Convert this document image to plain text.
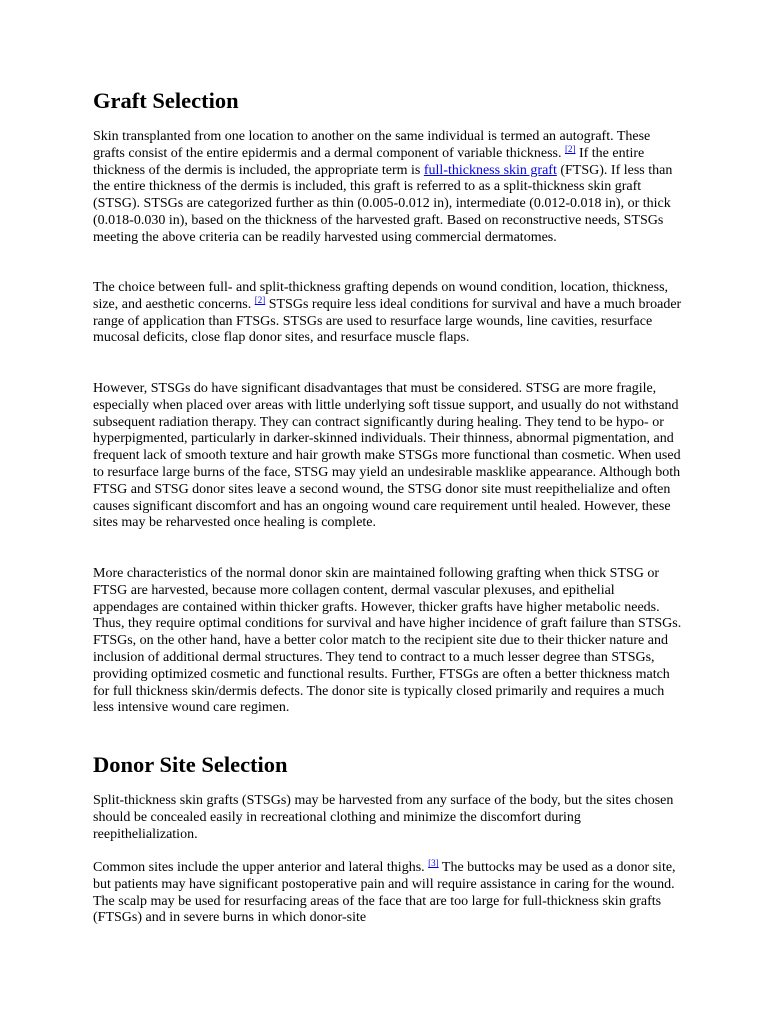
Graft Selection

Skin transplanted from one location to another on the same individual is termed an autograft. These grafts consist of the entire epidermis and a dermal component of variable thickness. [2] If the entire thickness of the dermis is included, the appropriate term is full-thickness skin graft (FTSG). If less than the entire thickness of the dermis is included, this graft is referred to as a split-thickness skin graft (STSG). STSGs are categorized further as thin (0.005-0.012 in), intermediate (0.012-0.018 in), or thick (0.018-0.030 in), based on the thickness of the harvested graft. Based on reconstructive needs, STSGs meeting the above criteria can be readily harvested using commercial dermatomes.

The choice between full- and split-thickness grafting depends on wound condition, location, thickness, size, and aesthetic concerns. [2] STSGs require less ideal conditions for survival and have a much broader range of application than FTSGs. STSGs are used to resurface large wounds, line cavities, resurface mucosal deficits, close flap donor sites, and resurface muscle flaps.

However, STSGs do have significant disadvantages that must be considered. STSG are more fragile, especially when placed over areas with little underlying soft tissue support, and usually do not withstand subsequent radiation therapy. They can contract significantly during healing. They tend to be hypo- or hyperpigmented, particularly in darker-skinned individuals. Their thinness, abnormal pigmentation, and frequent lack of smooth texture and hair growth make STSGs more functional than cosmetic. When used to resurface large burns of the face, STSG may yield an undesirable masklike appearance. Although both FTSG and STSG donor sites leave a second wound, the STSG donor site must reepithelialize and often causes significant discomfort and has an ongoing wound care requirement until healed. However, these sites may be reharvested once healing is complete.

More characteristics of the normal donor skin are maintained following grafting when thick STSG or FTSG are harvested, because more collagen content, dermal vascular plexuses, and epithelial appendages are contained within thicker grafts. However, thicker grafts have higher metabolic needs. Thus, they require optimal conditions for survival and have higher incidence of graft failure than STSGs. FTSGs, on the other hand, have a better color match to the recipient site due to their thicker nature and inclusion of additional dermal structures. They tend to contract to a much lesser degree than STSGs, providing optimized cosmetic and functional results. Further, FTSGs are often a better thickness match for full thickness skin/dermis defects. The donor site is typically closed primarily and requires a much less intensive wound care regimen.

Donor Site Selection

Split-thickness skin grafts (STSGs) may be harvested from any surface of the body, but the sites chosen should be concealed easily in recreational clothing and minimize the discomfort during reepithelialization.

Common sites include the upper anterior and lateral thighs. [3] The buttocks may be used as a donor site, but patients may have significant postoperative pain and will require assistance in caring for the wound. The scalp may be used for resurfacing areas of the face that are too large for full-thickness skin grafts (FTSGs) and in severe burns in which donor-site
